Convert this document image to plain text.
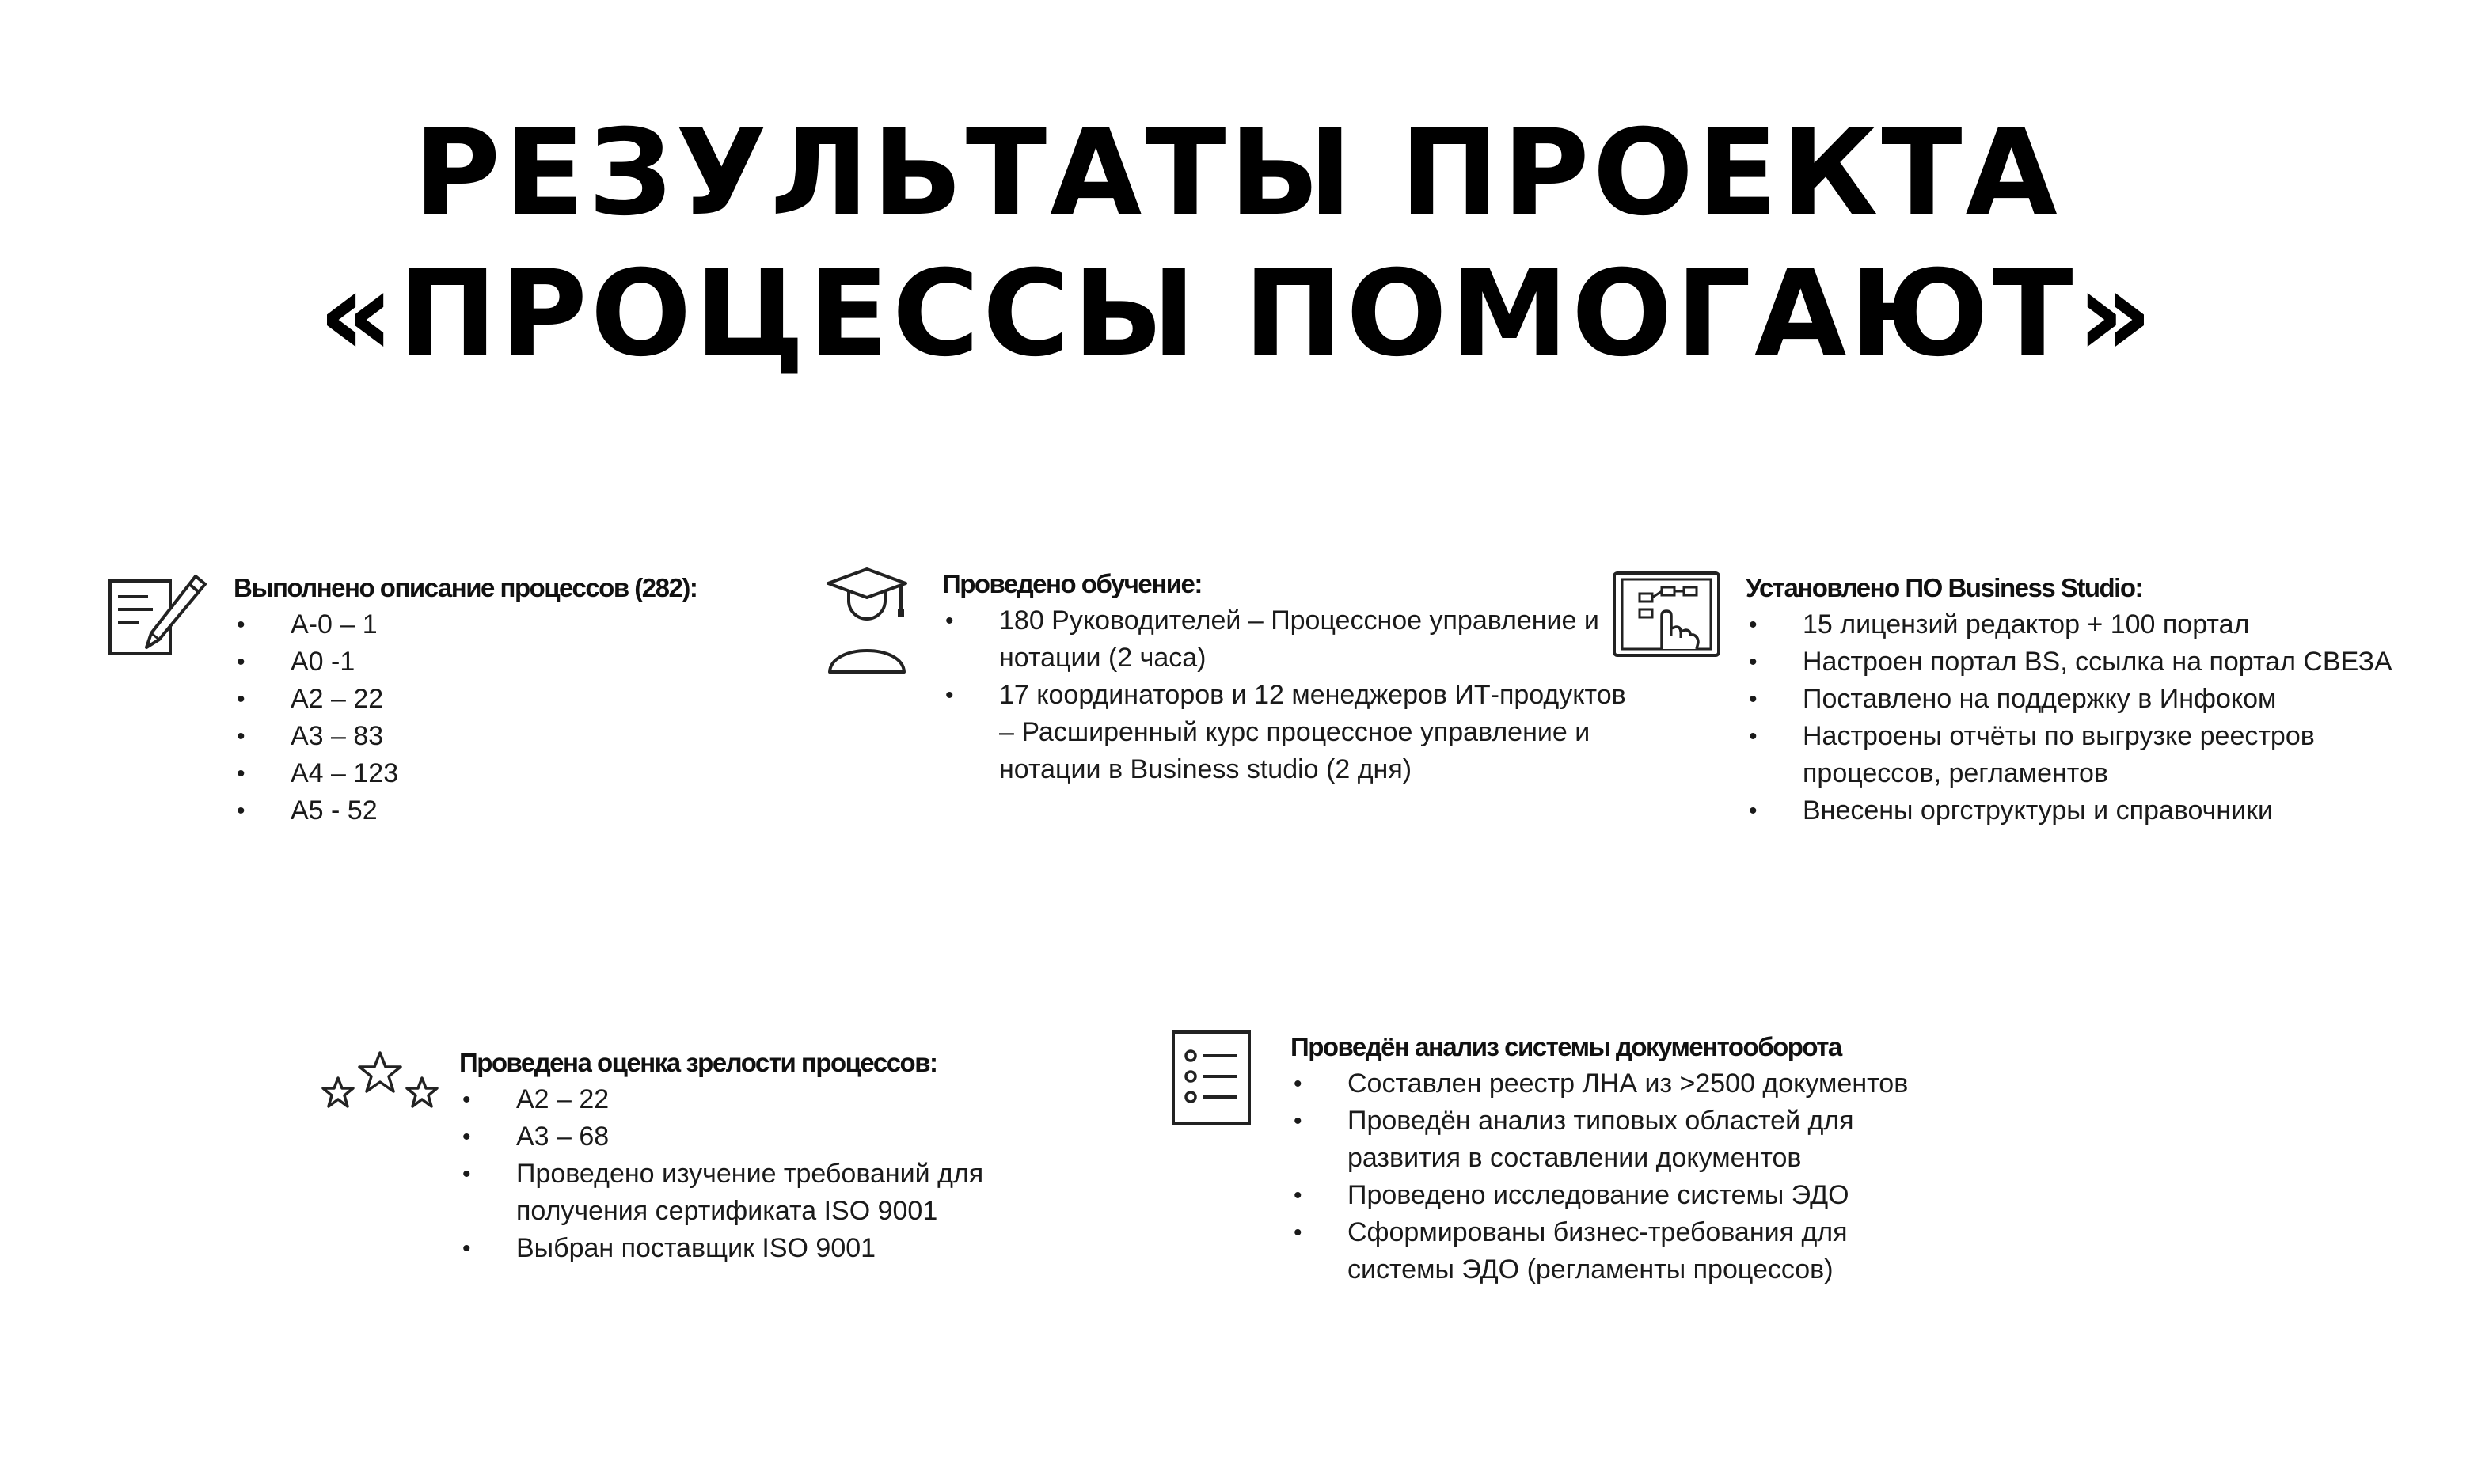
РЕЗУЛЬТАТЫ ПРОЕКТА
«ПРОЦЕССЫ ПОМОГАЮТ»
Выполнено описание процессов (282):
• A-0 – 1
• A0 -1
• A2 – 22
• A3 – 83
• A4 – 123
• A5 - 52
Проведено обучение:
• 180 Руководителей – Процессное управление и нотации (2 часа)
• 17 координаторов и 12 менеджеров ИТ-продуктов – Расширенный курс процессное управление и нотации в Business studio (2 дня)
Установлено ПО Business Studio:
• 15 лицензий редактор + 100 портал
• Настроен портал BS, ссылка на портал СВЕЗА
• Поставлено на поддержку в Инфоком
• Настроены отчёты по выгрузке реестров процессов, регламентов
• Внесены оргструктуры и справочники
Проведена оценка зрелости процессов:
• A2 – 22
• A3 – 68
• Проведено изучение требований для получения сертификата ISO 9001
• Выбран поставщик ISO 9001
Проведён анализ системы документооборота
• Составлен реестр ЛНА из >2500 документов
• Проведён анализ типовых областей для развития в составлении документов
• Проведено исследование системы ЭДО
• Сформированы бизнес-требования для системы ЭДО (регламенты процессов)
